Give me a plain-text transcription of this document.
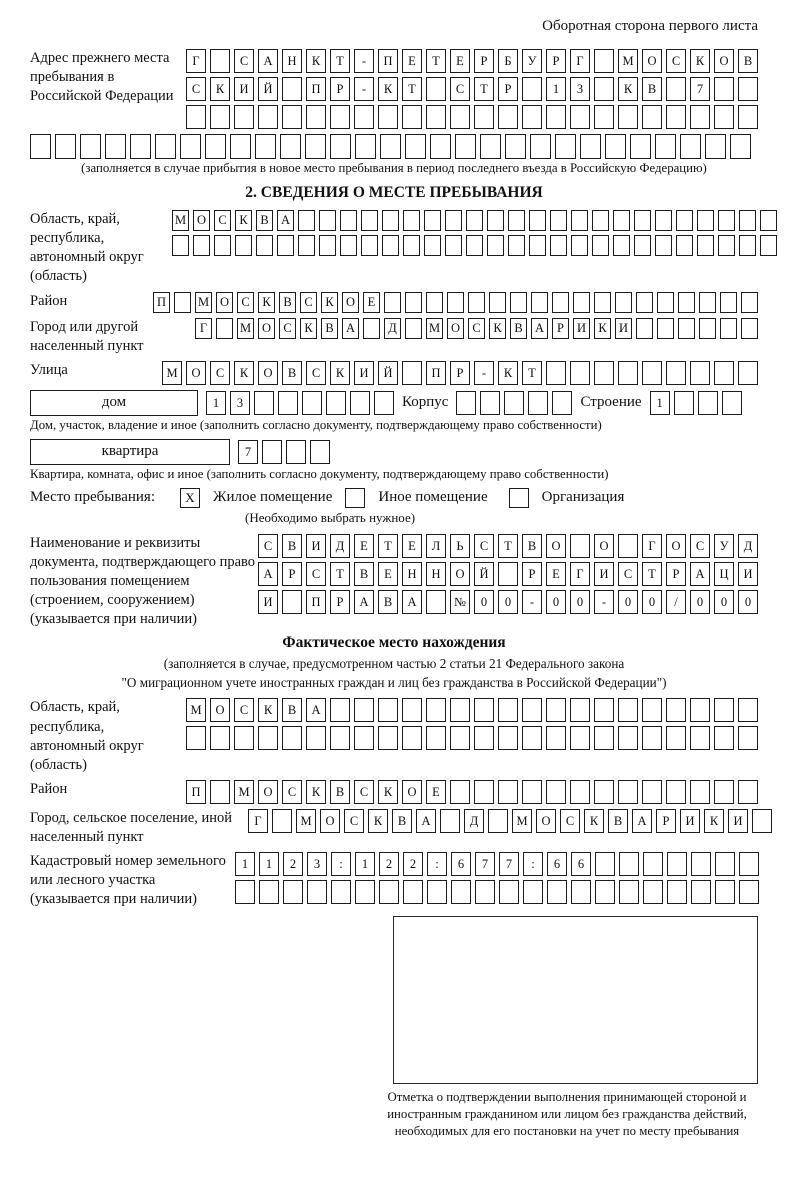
Оборотная сторона первого листа
Адрес прежнего места пребывания в Российской Федерации
Г	С	А	Н	К	Т	-	П	Е	Т	Е	Р	Б	У	Р	Г	М	О	С	К	О	В
С	К	И	Й	П	Р	-	К	Т	С	Т	Р	1	3	К	В	7
(заполняется в случае прибытия в новое место пребывания в период последнего въезда в Российскую Федерацию)
2. СВЕДЕНИЯ О МЕСТЕ ПРЕБЫВАНИЯ
Область, край, республика, автономный округ (область)
М О С	К	В А
Район	П	М О С	К	В	С	К О	Е
Город или другой населенный пункт
Г	М О С	К	В А	Д	М О С	К	В А	Р	И К И
Улица	М	О	С	К	О	В	С	К	И	Й	П	Р	-	К	Т
дом	1	3	Корпус	Строение	1
Дом, участок, владение и иное (заполнить согласно документу, подтверждающему право собственности)
квартира	7
Квартира, комната, офис и иное (заполнить согласно документу, подтверждающему право собственности)
Место пребывания:	X	Жилое помещение	Иное помещение	Организация
(Необходимо выбрать нужное)
Наименование и реквизиты документа, подтверждающего право пользования помещением (строением, сооружением) (указывается при наличии)
С	В	И	Д	Е	Т	Е	Л	Ь	С	Т	В	О	О	Г	О	С	У	Д
А	Р	С	Т	В	Е	Н	Н	О	Й	Р	Е	Г	И	С	Т	Р	А	Ц	И
И	П	Р	А	В	А	№	0	0	-	0	0	-	0	0	/	0	0	0
Фактическое место нахождения
(заполняется в случае, предусмотренном частью 2 статьи 21 Федерального закона
"О миграционном учете иностранных граждан и лиц без гражданства в Российской Федерации")
Область, край, республика, автономный округ (область)
М	О	С	К	В	А
Район	П	М	О	С	К	В	С	К	О	Е
Город, сельское поселение, иной населенный пункт
Г	М	О	С	К	В	А	Д	М	О	С	К	В	А	Р	И	К	И
Кадастровый номер земельного или лесного участка (указывается при наличии)
1	1	2	3	:	1	2	2	:	6	7	7	:	6	6
Отметка о подтверждении выполнения принимающей стороной и иностранным гражданином или лицом без гражданства действий, необходимых для его постановки на учет по месту пребывания
